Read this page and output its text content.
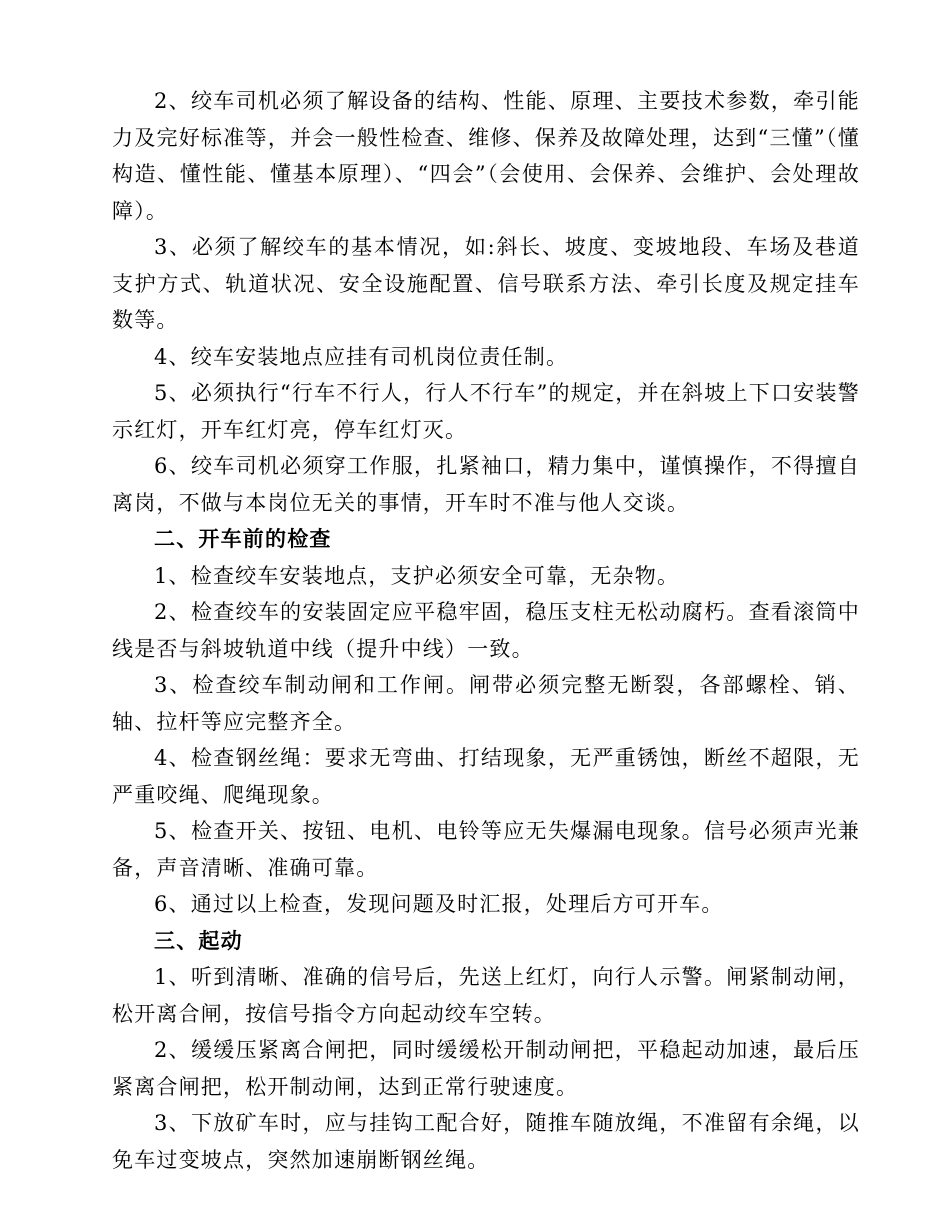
2、绞车司机必须了解设备的结构、性能、原理、主要技术参数，牵引能力及完好标准等，并会一般性检查、维修、保养及故障处理，达到“三懂”（懂构造、懂性能、懂基本原理）、“四会”（会使用、会保养、会维护、会处理故障）。

3、必须了解绞车的基本情况，如:斜长、坡度、变坡地段、车场及巷道支护方式、轨道状况、安全设施配置、信号联系方法、牵引长度及规定挂车数等。

4、绞车安装地点应挂有司机岗位责任制。

5、必须执行“行车不行人，行人不行车”的规定，并在斜坡上下口安装警示红灯，开车红灯亮，停车红灯灭。

6、绞车司机必须穿工作服，扎紧袖口，精力集中，谨慎操作，不得擅自离岗，不做与本岗位无关的事情，开车时不准与他人交谈。

二、开车前的检查

1、检查绞车安装地点，支护必须安全可靠，无杂物。

2、检查绞车的安装固定应平稳牢固，稳压支柱无松动腐朽。查看滚筒中线是否与斜坡轨道中线（提升中线）一致。

3、检查绞车制动闸和工作闸。闸带必须完整无断裂，各部螺栓、销、轴、拉杆等应完整齐全。

4、检查钢丝绳：要求无弯曲、打结现象，无严重锈蚀，断丝不超限，无严重咬绳、爬绳现象。

5、检查开关、按钮、电机、电铃等应无失爆漏电现象。信号必须声光兼备，声音清晰、准确可靠。

6、通过以上检查，发现问题及时汇报，处理后方可开车。

三、起动

1、听到清晰、准确的信号后，先送上红灯，向行人示警。闸紧制动闸，松开离合闸，按信号指令方向起动绞车空转。

2、缓缓压紧离合闸把，同时缓缓松开制动闸把，平稳起动加速，最后压紧离合闸把，松开制动闸，达到正常行驶速度。

3、下放矿车时，应与挂钩工配合好，随推车随放绳，不准留有余绳，以免车过变坡点，突然加速崩断钢丝绳。
